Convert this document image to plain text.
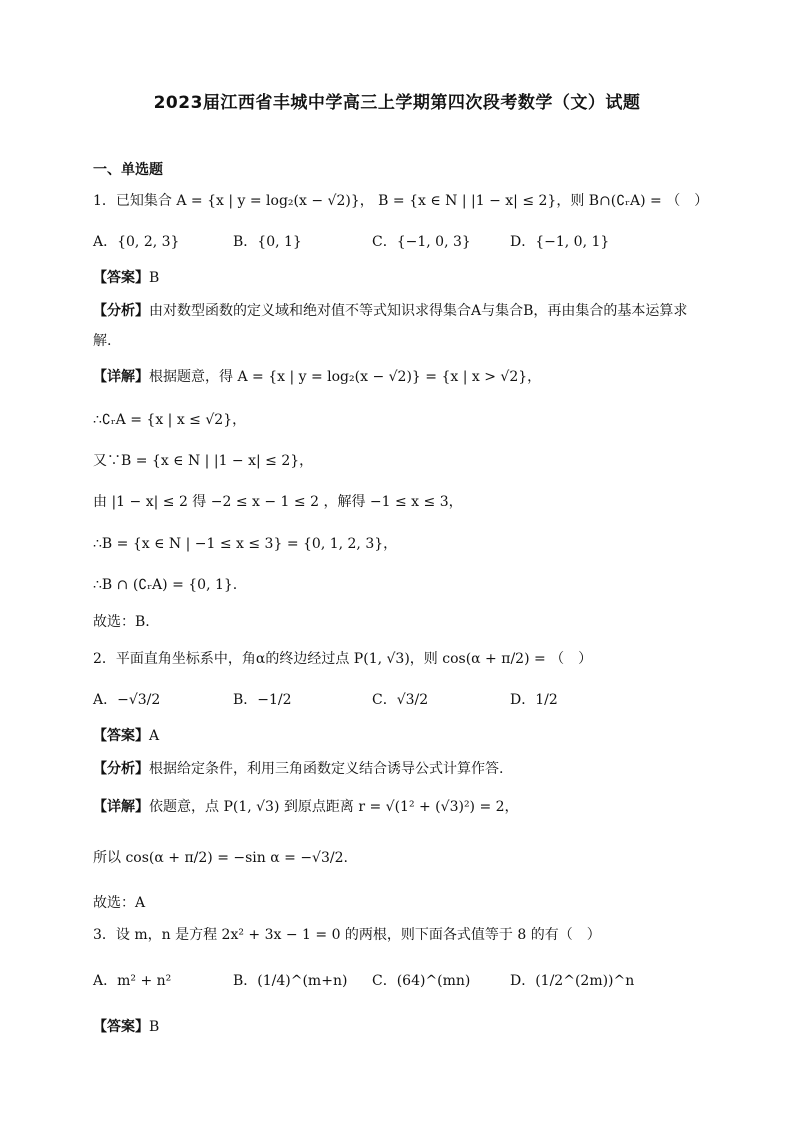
2023届江西省丰城中学高三上学期第四次段考数学（文）试题
一、单选题
1．已知集合 A = {x | y = log₂(x − √2)}， B = {x ∈ N | |1 − x| ≤ 2}，则 B∩(∁ᵣA) = （　）
A．{0, 2, 3}	B．{0, 1}	C．{−1, 0, 3}	D．{−1, 0, 1}
【答案】B
【分析】由对数型函数的定义域和绝对值不等式知识求得集合A与集合B，再由集合的基本运算求解.
【详解】根据题意，得 A = {x | y = log₂(x − √2)} = {x | x > √2}，
∴∁ᵣA = {x | x ≤ √2}，
又∵B = {x ∈ N | |1 − x| ≤ 2}，
由 |1 − x| ≤ 2 得 −2 ≤ x − 1 ≤ 2 ，解得 −1 ≤ x ≤ 3，
∴B = {x ∈ N | −1 ≤ x ≤ 3} = {0, 1, 2, 3}，
∴B ∩ (∁ᵣA) = {0, 1}.
故选：B.
2．平面直角坐标系中，角α的终边经过点 P(1, √3)，则 cos(α + π/2) = （　）
A．−√3/2	B．−1/2	C．√3/2	D．1/2
【答案】A
【分析】根据给定条件，利用三角函数定义结合诱导公式计算作答.
【详解】依题意，点 P(1, √3) 到原点距离 r = √(1² + (√3)²) = 2，
所以 cos(α + π/2) = −sin α = −√3/2.
故选：A
3．设 m，n 是方程 2x² + 3x − 1 = 0 的两根，则下面各式值等于 8 的有（　）
A．m² + n²	B．(1/4)^(m+n) C．(64)^(mn)	D．(1/2^(2m))^n
【答案】B
